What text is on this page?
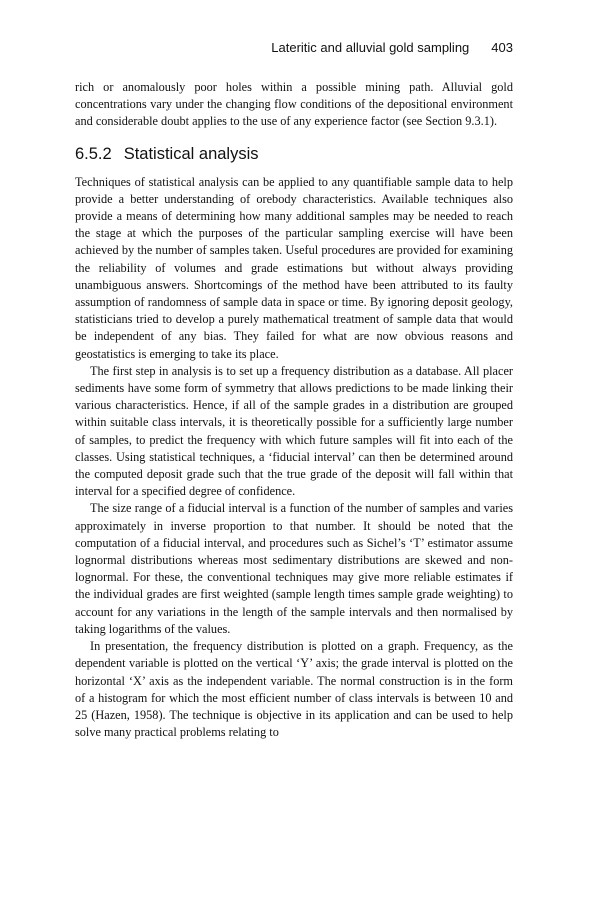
Lateritic and alluvial gold sampling 403

rich or anomalously poor holes within a possible mining path. Alluvial gold concentrations vary under the changing flow conditions of the depositional environment and considerable doubt applies to the use of any experience factor (see Section 9.3.1).

6.5.2 Statistical analysis

Techniques of statistical analysis can be applied to any quantifiable sample data to help provide a better understanding of orebody characteristics. Available techniques also provide a means of determining how many additional samples may be needed to reach the stage at which the purposes of the particular sampling exercise will have been achieved by the number of samples taken. Useful procedures are provided for examining the reliability of volumes and grade estimations but without always providing unambiguous answers. Shortcomings of the method have been attributed to its faulty assumption of randomness of sample data in space or time. By ignoring deposit geology, statisticians tried to develop a purely mathematical treatment of sample data that would be independent of any bias. They failed for what are now obvious reasons and geostatistics is emerging to take its place.

The first step in analysis is to set up a frequency distribution as a database. All placer sediments have some form of symmetry that allows predictions to be made linking their various characteristics. Hence, if all of the sample grades in a distribution are grouped within suitable class intervals, it is theoretically possible for a sufficiently large number of samples, to predict the frequency with which future samples will fit into each of the classes. Using statistical techniques, a ‘fiducial interval’ can then be determined around the computed deposit grade such that the true grade of the deposit will fall within that interval for a specified degree of confidence.

The size range of a fiducial interval is a function of the number of samples and varies approximately in inverse proportion to that number. It should be noted that the computation of a fiducial interval, and procedures such as Sichel’s ‘T’ estimator assume lognormal distributions whereas most sedimentary distributions are skewed and non-lognormal. For these, the conventional techniques may give more reliable estimates if the individual grades are first weighted (sample length times sample grade weighting) to account for any variations in the length of the sample intervals and then normalised by taking logarithms of the values.

In presentation, the frequency distribution is plotted on a graph. Frequency, as the dependent variable is plotted on the vertical ‘Y’ axis; the grade interval is plotted on the horizontal ‘X’ axis as the independent variable. The normal construction is in the form of a histogram for which the most efficient number of class intervals is between 10 and 25 (Hazen, 1958). The technique is objective in its application and can be used to help solve many practical problems relating to
